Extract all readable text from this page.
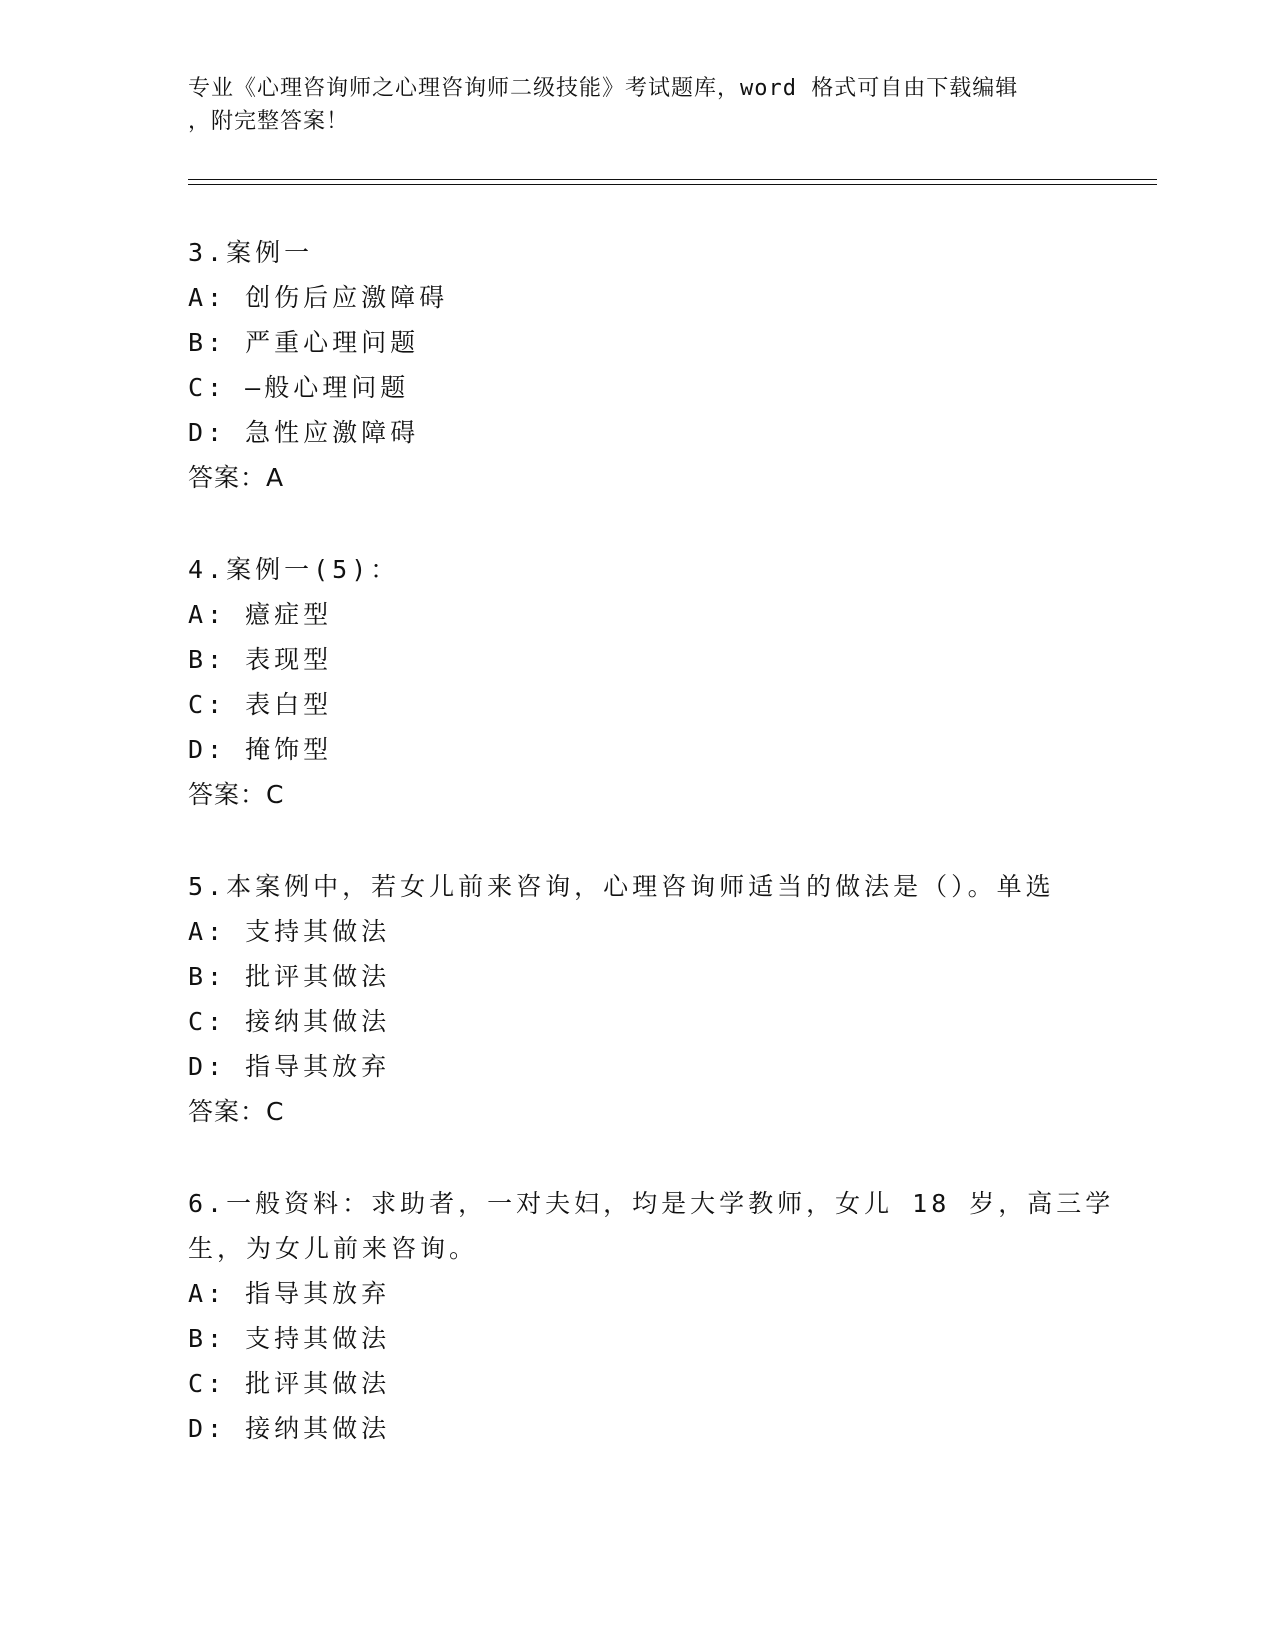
专业《心理咨询师之心理咨询师二级技能》考试题库，word 格式可自由下载编辑
，附完整答案！
3.案例一
A: 创伤后应激障碍
B: 严重心理问题
C: —般心理问题
D: 急性应激障碍
答案：A
4.案例一(5)：
A: 癔症型
B: 表现型
C: 表白型
D: 掩饰型
答案：C
5.本案例中，若女儿前来咨询，心理咨询师适当的做法是（）。单选
A: 支持其做法
B: 批评其做法
C: 接纳其做法
D: 指导其放弃
答案：C
6.一般资料：求助者，一对夫妇，均是大学教师，女儿 18 岁，高三学
生，为女儿前来咨询。
A: 指导其放弃
B: 支持其做法
C: 批评其做法
D: 接纳其做法
